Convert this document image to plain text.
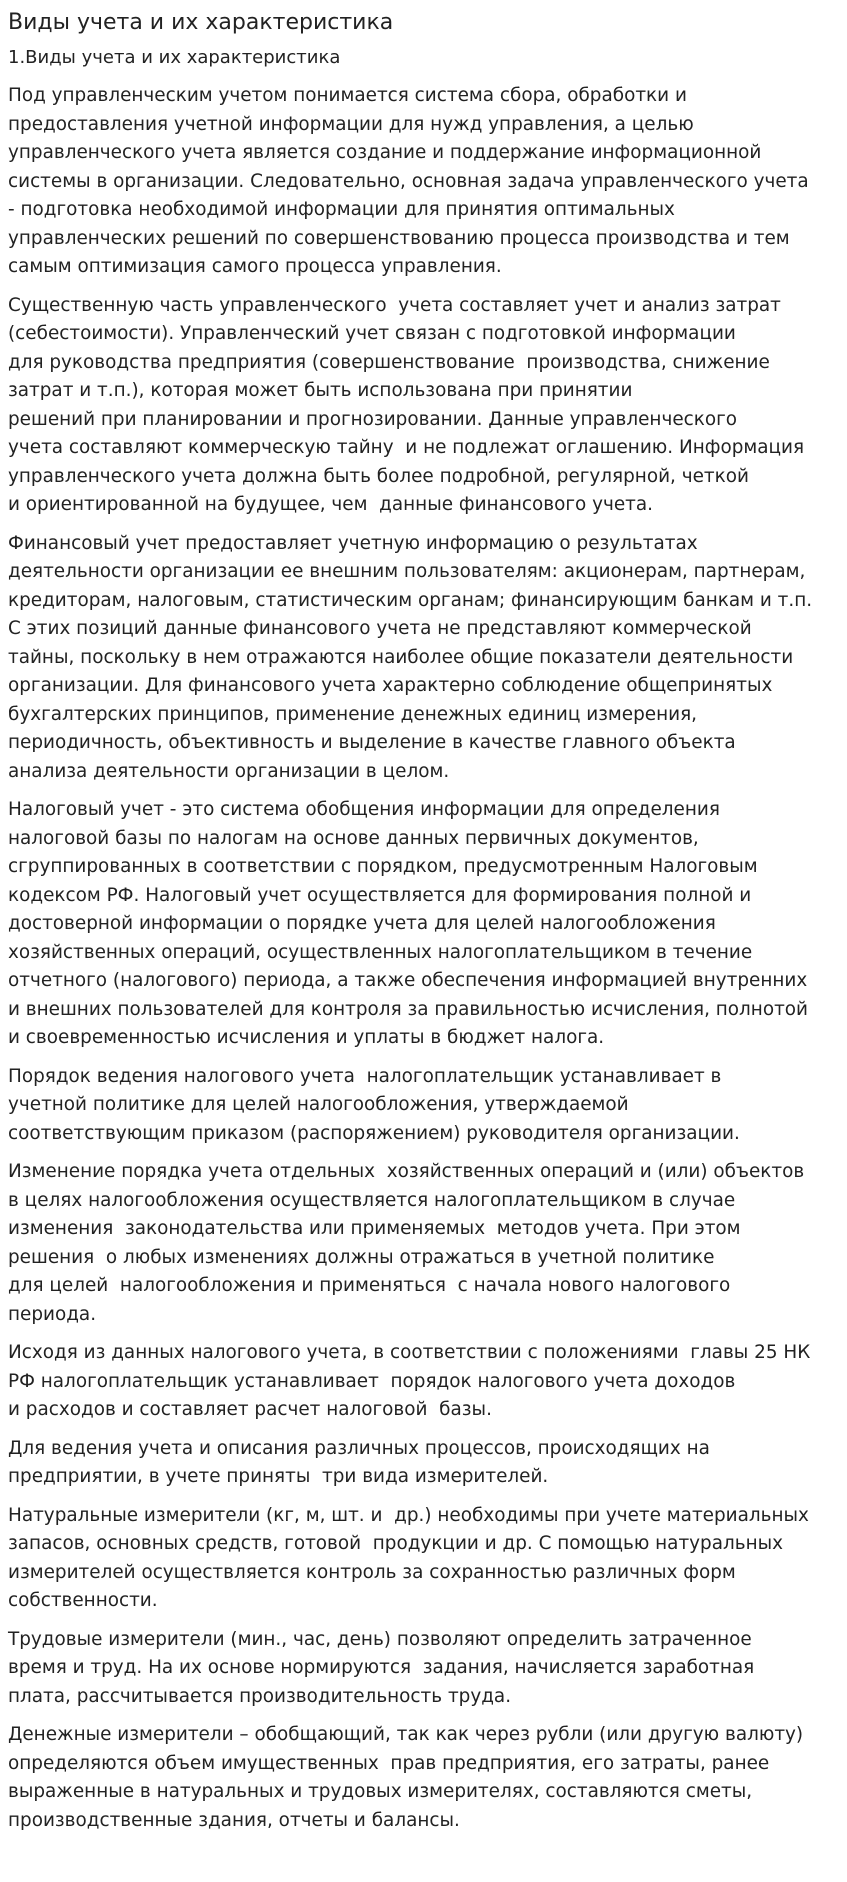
Виды учета и их характеристика
1.Виды учета и их характеристика
Под управленческим учетом понимается система сбора, обработки и
предоставления учетной информации для нужд управления, а целью
управленческого учета является создание и поддержание информационной
системы в организации. Следовательно, основная задача управленческого учета
- подготовка необходимой информации для принятия оптимальных
управленческих решений по совершенствованию процесса производства и тем
самым оптимизация самого процесса управления.
Существенную часть управленческого  учета составляет учет и анализ затрат
(себестоимости). Управленческий учет связан с подготовкой информации
для руководства предприятия (совершенствование  производства, снижение
затрат и т.п.), которая может быть использована при принятии
решений при планировании и прогнозировании. Данные управленческого
учета составляют коммерческую тайну  и не подлежат оглашению. Информация
управленческого учета должна быть более подробной, регулярной, четкой
и ориентированной на будущее, чем  данные финансового учета.
Финансовый учет предоставляет учетную информацию о результатах
деятельности организации ее внешним пользователям: акционерам, партнерам,
кредиторам, налоговым, статистическим органам; финансирующим банкам и т.п.
С этих позиций данные финансового учета не представляют коммерческой
тайны, поскольку в нем отражаются наиболее общие показатели деятельности
организации. Для финансового учета характерно соблюдение общепринятых
бухгалтерских принципов, применение денежных единиц измерения,
периодичность, объективность и выделение в качестве главного объекта
анализа деятельности организации в целом.
Налоговый учет - это система обобщения информации для определения
налоговой базы по налогам на основе данных первичных документов,
сгруппированных в соответствии с порядком, предусмотренным Налоговым
кодексом РФ. Налоговый учет осуществляется для формирования полной и
достоверной информации о порядке учета для целей налогообложения
хозяйственных операций, осуществленных налогоплательщиком в течение
отчетного (налогового) периода, а также обеспечения информацией внутренних
и внешних пользователей для контроля за правильностью исчисления, полнотой
и своевременностью исчисления и уплаты в бюджет налога.
Порядок ведения налогового учета  налогоплательщик устанавливает в
учетной политике для целей налогообложения, утверждаемой
соответствующим приказом (распоряжением) руководителя организации.
Изменение порядка учета отдельных  хозяйственных операций и (или) объектов
в целях налогообложения осуществляется налогоплательщиком в случае
изменения  законодательства или применяемых  методов учета. При этом
решения  о любых изменениях должны отражаться в учетной политике
для целей  налогообложения и применяться  с начала нового налогового
периода.
Исходя из данных налогового учета, в соответствии с положениями  главы 25 НК
РФ налогоплательщик устанавливает  порядок налогового учета доходов
и расходов и составляет расчет налоговой  базы.
Для ведения учета и описания различных процессов, происходящих на
предприятии, в учете приняты  три вида измерителей.
Натуральные измерители (кг, м, шт. и  др.) необходимы при учете материальных
запасов, основных средств, готовой  продукции и др. С помощью натуральных
измерителей осуществляется контроль за сохранностью различных форм
собственности.
Трудовые измерители (мин., час, день) позволяют определить затраченное
время и труд. На их основе нормируются  задания, начисляется заработная
плата, рассчитывается производительность труда.
Денежные измерители – обобщающий, так как через рубли (или другую валюту)
определяются объем имущественных  прав предприятия, его затраты, ранее
выраженные в натуральных и трудовых измерителях, составляются сметы,
производственные здания, отчеты и балансы.
